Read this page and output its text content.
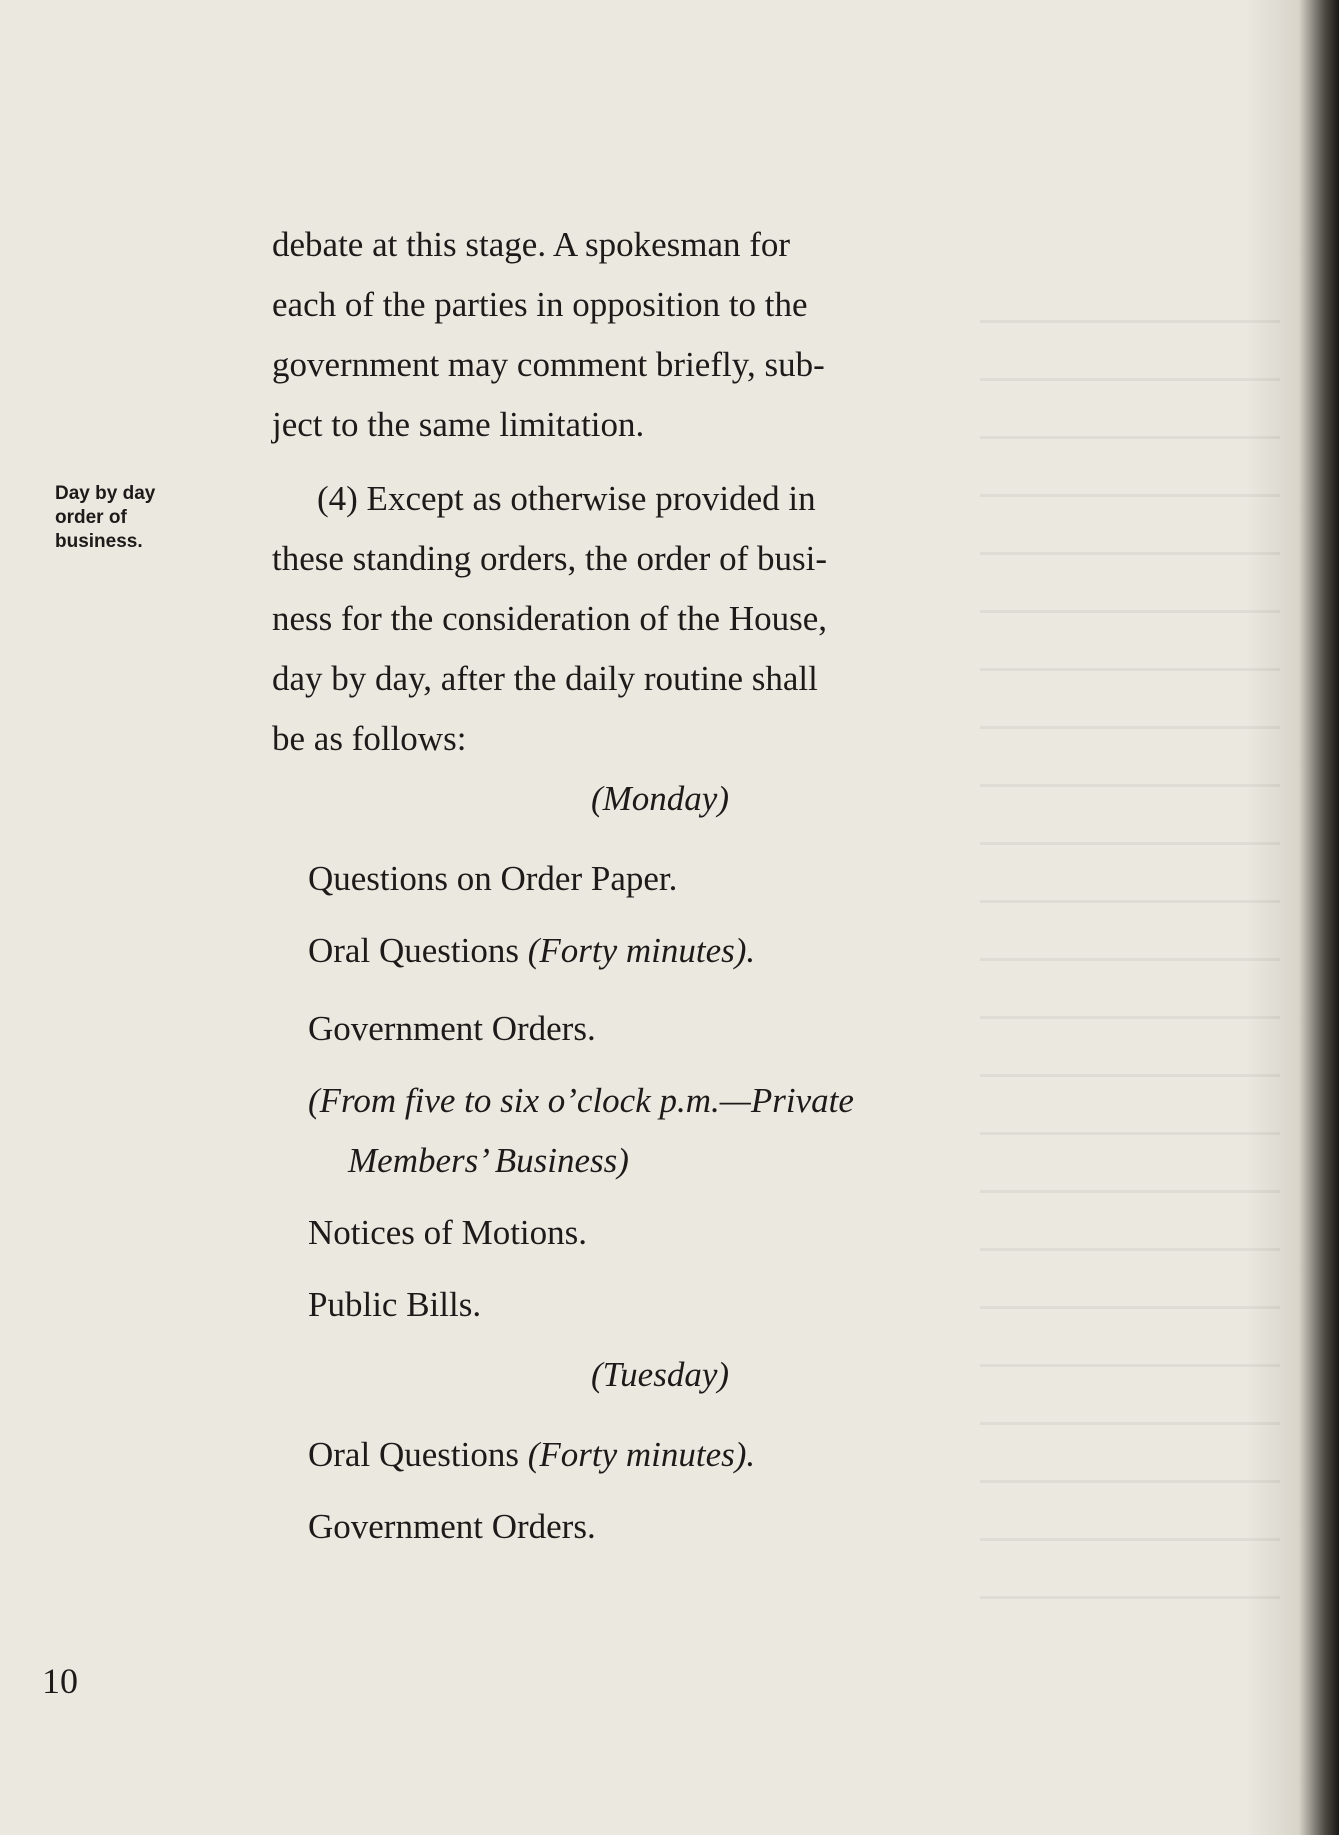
Day by day
order of
business.

debate at this stage. A spokesman for

each of the parties in opposition to the

government may comment briefly, sub-

ject to the same limitation.

(4) Except as otherwise provided in

these standing orders, the order of busi-

ness for the consideration of the House,

day by day, after the daily routine shall

be as follows:

(Monday)

Questions on Order Paper.

Oral Questions (Forty minutes).

Government Orders.

(From five to six o’clock p.m.—Private
Members’ Business)

Notices of Motions.

Public Bills.

(Tuesday)

Oral Questions (Forty minutes).

Government Orders.

10
